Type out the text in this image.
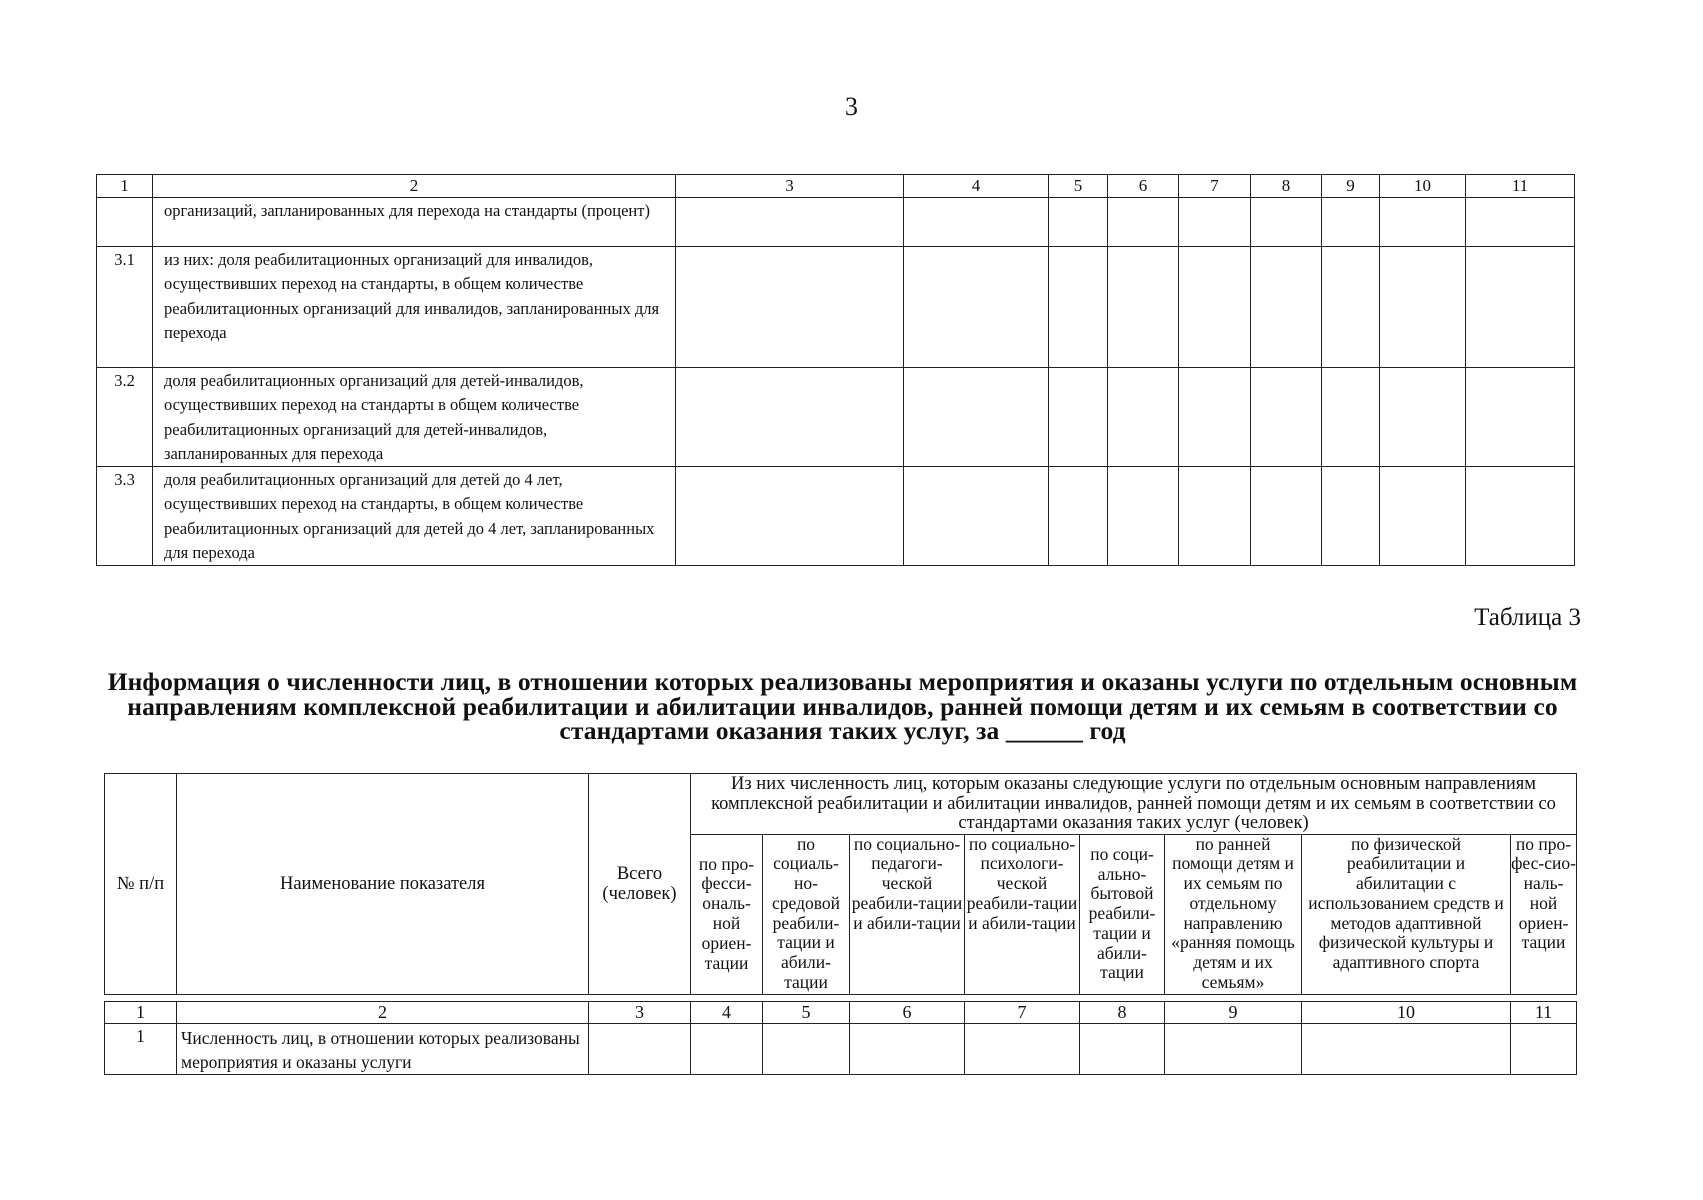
3
1	2	3	4	5	6	7	8	9	10	11
	организаций, запланированных для перехода на стандарты (процент)									
3.1	из них: доля реабилитационных организаций для инвалидов, осуществивших переход на стандарты, в общем количестве реабилитационных организаций для инвалидов, запланированных для перехода									
3.2	доля реабилитационных организаций для детей-инвалидов, осуществивших переход на стандарты в общем количестве реабилитационных организаций для детей-инвалидов, запланированных для перехода									
3.3	доля реабилитационных организаций для детей до 4 лет, осуществивших переход на стандарты, в общем количестве реабилитационных организаций для детей до 4 лет, запланированных для перехода									
Таблица 3
Информация о численности лиц, в отношении которых реализованы мероприятия и оказаны услуги по отдельным основным направлениям комплексной реабилитации и абилитации инвалидов, ранней помощи детям и их семьям в соответствии со стандартами оказания таких услуг, за ______ год
№ п/п	Наименование показателя	Всего (человек)	Из них численность лиц, которым оказаны следующие услуги по отдельным основным направлениям комплексной реабилитации и абилитации инвалидов, ранней помощи детям и их семьям в соответствии со стандартами оказания таких услуг (человек)							
			по про-фесси-ональ-ной ориен-тации	по социаль-но-средовой реабили-тации и абили-тации	по социально-педагоги-ческой реабили-тации и абили-тации	по социально-психологи-ческой реабили-тации и абили-тации	по соци-ально-бытовой реабили-тации и абили-тации	по ранней помощи детям и их семьям по отдельному направлению «ранняя помощь детям и их семьям»	по физической реабилитации и абилитации с использованием средств и методов адаптивной физической культуры и адаптивного спорта	по про-фес-сио-наль-ной ориен-тации

1	2	3	4	5	6	7	8	9	10	11
1	Численность лиц, в отношении которых реализованы мероприятия и оказаны услуги									
